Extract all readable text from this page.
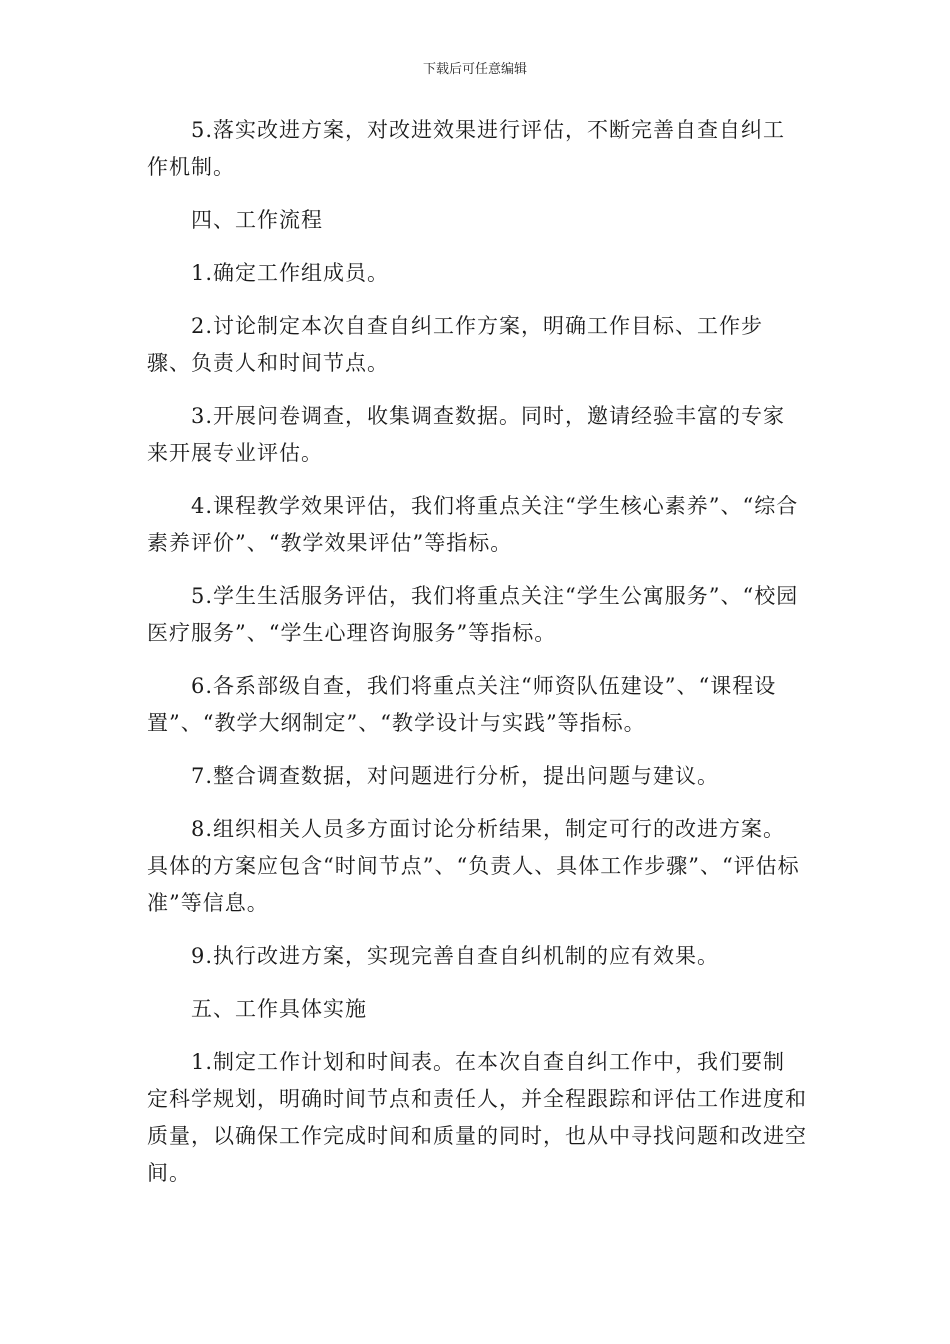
下载后可任意编辑

5.落实改进方案，对改进效果进行评估，不断完善自查自纠工作机制。

四、工作流程

1.确定工作组成员。

2.讨论制定本次自查自纠工作方案，明确工作目标、工作步骤、负责人和时间节点。

3.开展问卷调查，收集调查数据。同时，邀请经验丰富的专家来开展专业评估。

4.课程教学效果评估，我们将重点关注“学生核心素养”、“综合素养评价”、“教学效果评估”等指标。

5.学生生活服务评估，我们将重点关注“学生公寓服务”、“校园医疗服务”、“学生心理咨询服务”等指标。

6.各系部级自查，我们将重点关注“师资队伍建设”、“课程设置”、“教学大纲制定”、“教学设计与实践”等指标。

7.整合调查数据，对问题进行分析，提出问题与建议。

8.组织相关人员多方面讨论分析结果，制定可行的改进方案。具体的方案应包含“时间节点”、“负责人、具体工作步骤”、“评估标准”等信息。

9.执行改进方案，实现完善自查自纠机制的应有效果。

五、工作具体实施

1.制定工作计划和时间表。在本次自查自纠工作中，我们要制定科学规划，明确时间节点和责任人，并全程跟踪和评估工作进度和质量，以确保工作完成时间和质量的同时，也从中寻找问题和改进空间。
